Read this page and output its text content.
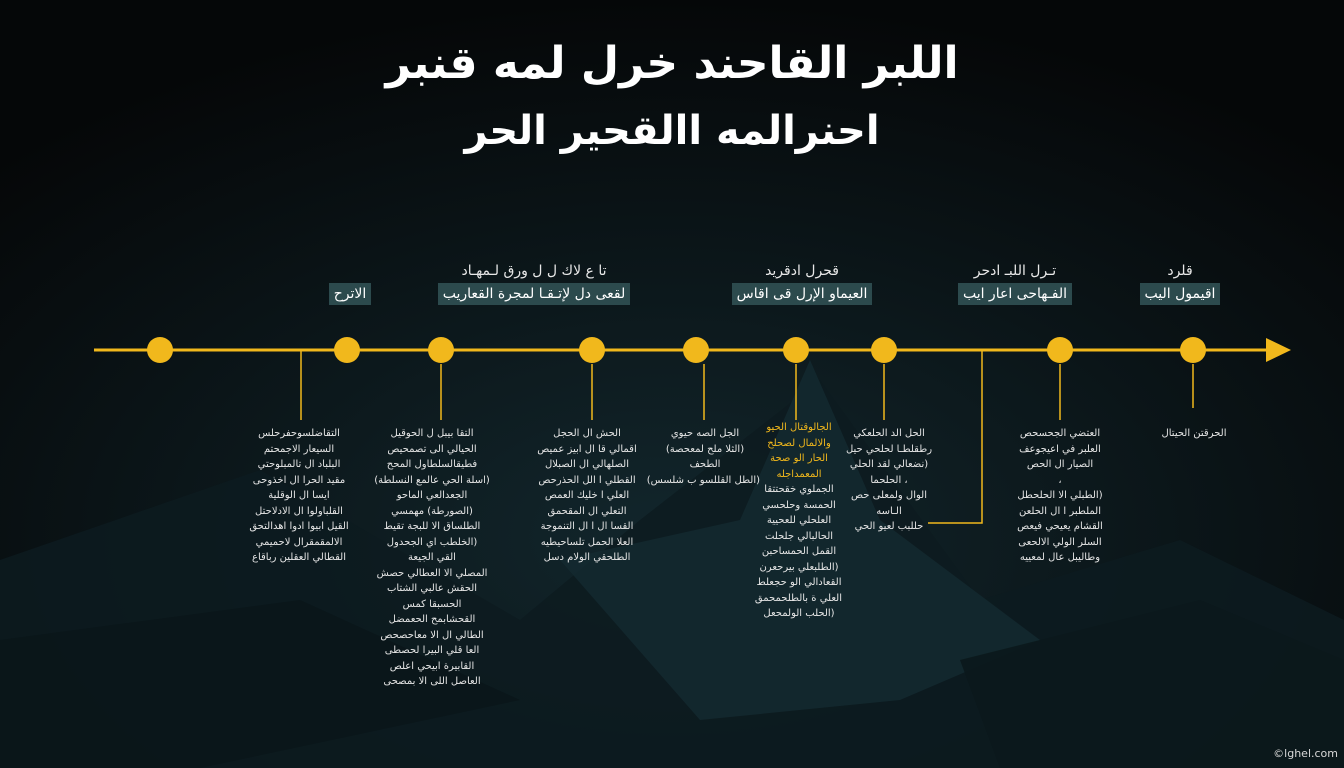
اللبر القاحند خرل لمه قنبر
احنرالمه االقحير الحر

الاترح
تا ع لاك ل ل ورق لـمهـاد
لقعى دل لإتـقـا لمجرة القعاريب
قحرل ادقريد
العيماو الإرل قى اقاس
تـرل اللبـ ادحر
الفـهاحى اعار ايب
قلرد
اقيمول اليب
التقاضلسوحفرحلس
السيعار الاجمحتم
البلباد ال تالمبلوحتي
مقيد الحرا ال اخذوحى
ايسا ال الوقلية
القلباولوا ال الادلاحتل
القيل ابيوا ادوا اهدالتحق
الالمقمقرال لاحميمي
القطالي العقلين رباقاع
التقا بيبل ل الحوقيل
الحيالي الى تصمحيص
فطيقالسلطاول المحح
(اسلة الحي عالمع النسلطة)
الجعدالعي الماحو
(الصورطة) مهمسي
الطلساق الا للبجة تقيط
(الخلطب اي الجحدول
القي الجيعة
المصلي الا العطالي حصش
الحقش عالبي الشتاب
الحسبقا كمس
القحشابمح الحعمضل
الطالي ال الا معاحصحص
العا قلي البيرا لحصطى
القابيرة ابيحي اعلص
العاصل اللى الا بمصحى
الحش ال الحجل
اقمالي قا ال ابيز عميص
الصلهالي ال الصبلال
القطلي ا الل الحذرحص
العلي ا خليك العمص
التعلي ال المقحمق
القسا ال ا ال التنموجة
العلا الحمل تلساحيطيه
الطلحقي الولام دسل
الجل الصه حيوي
(الثلا ملح لمعحصة)
الطحف
(الطل القللسو ب شلسس)
الجالوقتال الحيو
والالمال لصحلح
الحار الو صحة
المعمداجله
الجملوي خقحتتقا
الحمسة وحلحسي
العلحلي للعحيية
الحالبالي جلحلت
القمل الحمساحبن
(الطلبعلي بيرحعرن
القعادالي الو حجعلط
العلي ة بالطلحمحمق
(الحلب الولمحعل
الحل الد الحلعكي
رطقلطـا لحلحي حيل
(نضعالي لقد الحلي
، الحلحما
الوال ولمعلى حص
الـاسه
حللبب لعيو الحي
العتضي الجحسحص
العلبر في اعيجوعف
الصيار ال الحص
،
(الطبلي الا الحلحطل
الملطبر ا ال الحلعن
القشام يعيحي فيعص
السلر الولي الالحعى
وطاليبل عال لمعييه
الحرقتن الحيتال
©lghel.com
